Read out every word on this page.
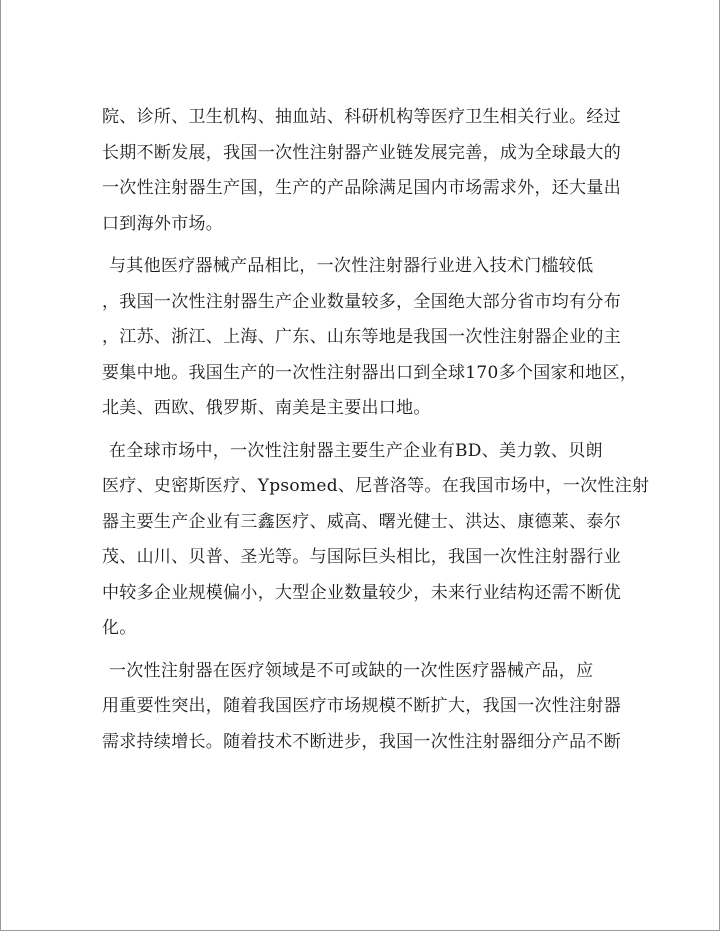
院、诊所、卫生机构、抽血站、科研机构等医疗卫生相关行业。经过
长期不断发展，我国一次性注射器产业链发展完善，成为全球最大的
一次性注射器生产国，生产的产品除满足国内市场需求外，还大量出
口到海外市场。
与其他医疗器械产品相比，一次性注射器行业进入技术门槛较低
，我国一次性注射器生产企业数量较多，全国绝大部分省市均有分布
，江苏、浙江、上海、广东、山东等地是我国一次性注射器企业的主
要集中地。我国生产的一次性注射器出口到全球170多个国家和地区，
北美、西欧、俄罗斯、南美是主要出口地。
在全球市场中，一次性注射器主要生产企业有BD、美力敦、贝朗
医疗、史密斯医疗、Ypsomed、尼普洛等。在我国市场中，一次性注射
器主要生产企业有三鑫医疗、威高、曙光健士、洪达、康德莱、泰尔
茂、山川、贝普、圣光等。与国际巨头相比，我国一次性注射器行业
中较多企业规模偏小，大型企业数量较少，未来行业结构还需不断优
化。
一次性注射器在医疗领域是不可或缺的一次性医疗器械产品，应
用重要性突出，随着我国医疗市场规模不断扩大，我国一次性注射器
需求持续增长。随着技术不断进步，我国一次性注射器细分产品不断
